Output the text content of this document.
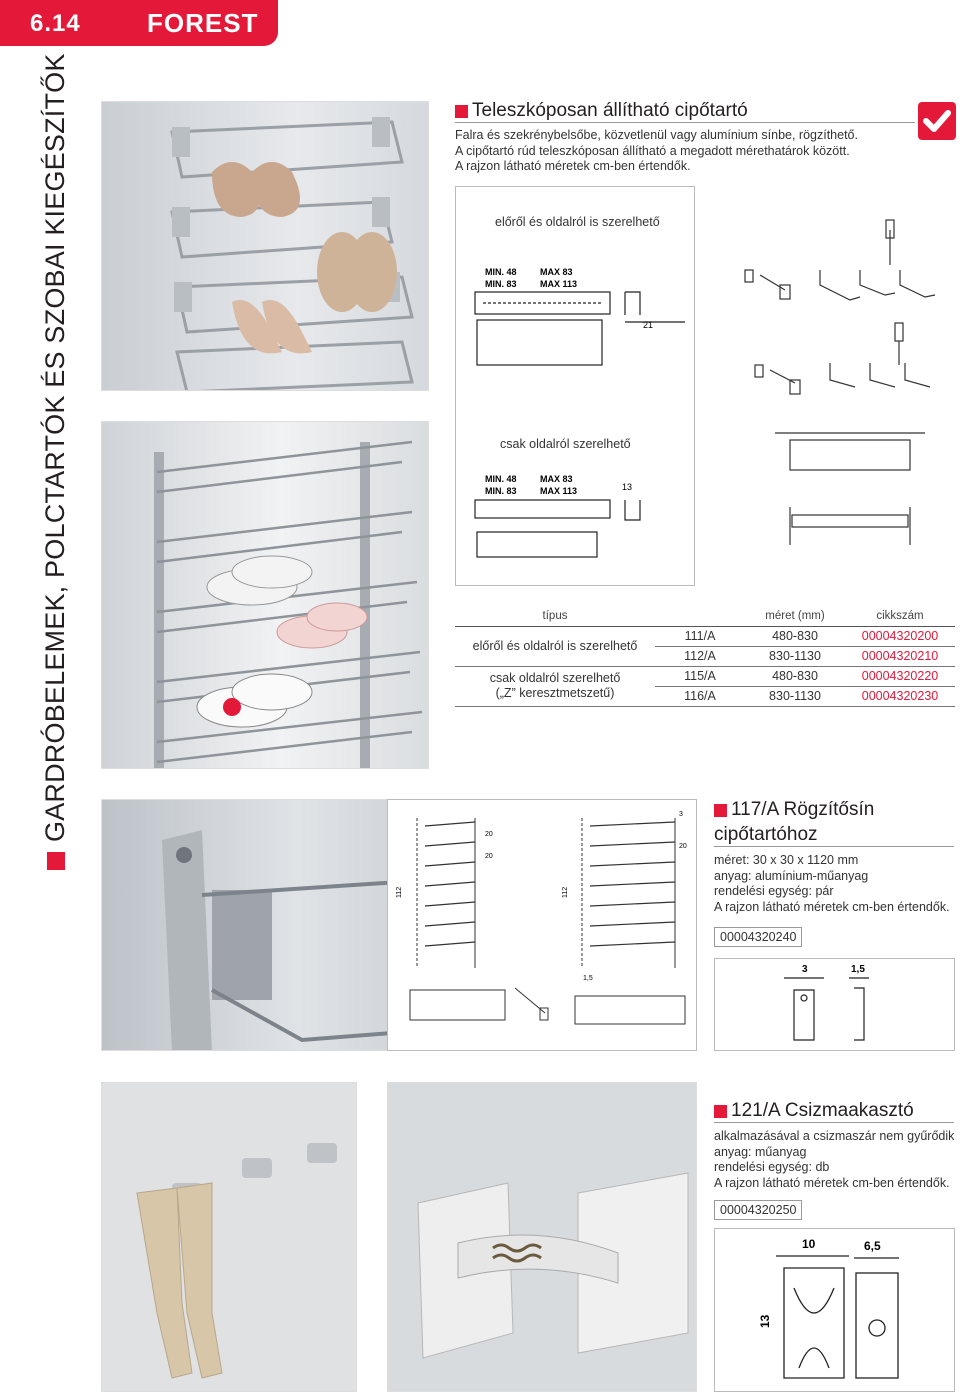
6.14	FOREST
GARDRÓBELEMEK, POLCTARTÓK ÉS SZOBAI KIEGÉSZÍTŐK	Teleszkóposan állítható cipőtartó
Falra és szekrénybelsőbe, közvetlenül vagy alumínium sínbe, rögzíthető.
A cipőtartó rúd teleszkóposan állítható a megadott mérethatárok között.
A rajzon látható méretek cm-ben értendők.
előről és oldalról is szerelhető
MIN. 48	MAX 83
MIN. 83	MAX 113
21
csak oldalról szerelhető
MIN. 48	MAX 83
MIN. 83	MAX 113	13
típus		méret (mm)	cikkszám
előről és oldalról is szerelhető	111/A	480-830	00004320200
	112/A	830-1130	00004320210

csak oldalról szerelhető
(„Z” keresztmetszetű)	115/A	480-830	00004320220
	116/A	830-1130	00004320230
112	112
20
20
3
20
1,5
117/A Rögzítősín
cipőtartóhoz
méret: 30 x 30 x 1120 mm
anyag: alumínium-műanyag
rendelési egység: pár
A rajzon látható méretek cm-ben értendők.
00004320240
3	1,5
121/A Csizmaakasztó
alkalmazásával a csizmaszár nem gyűrődik
anyag: műanyag
rendelési egység: db
A rajzon látható méretek cm-ben értendők.
00004320250
10	6,5
13
